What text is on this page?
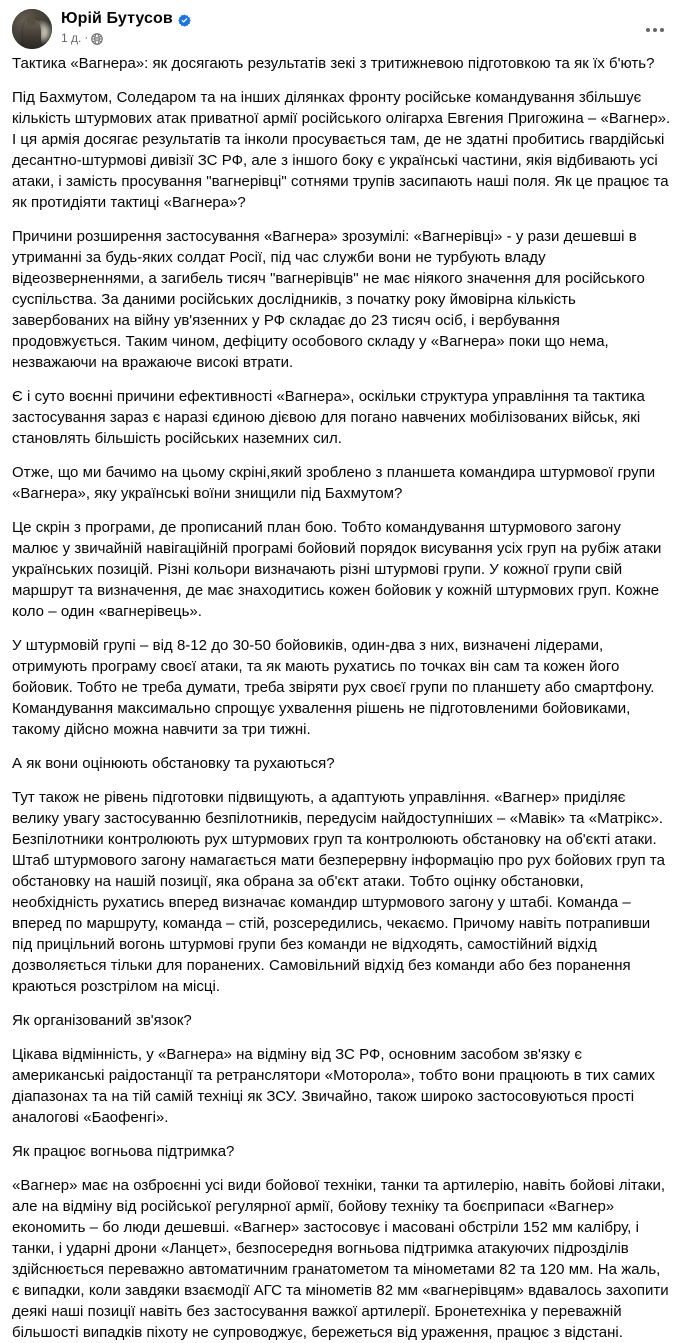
Юрій Бутусов
1 д. ·

Тактика «Вагнера»: як досягають результатів зекі з тритижневою підготовкою та як їх б'ють?

Під Бахмутом, Соледаром та на інших ділянках фронту російське командування збільшує кількість штурмових атак приватної армії російського олігарха Евгения Пригожина – «Вагнер». І ця армія досягає результатів та інколи просувається там, де не здатні пробитись гвардійські десантно-штурмові дивізії ЗС РФ, але з іншого боку є українські частини, якія відбивають усі атаки, і замість просування "вагнерівці" сотнями трупів засипають наші поля. Як це працює та як протидіяти тактиці «Вагнера»?

Причини розширення застосування «Вагнера» зрозумілі: «Вагнерівці» - у рази дешевші в утриманні за будь-яких солдат Росії, під час служби вони не турбують владу відеозверненнями, а загибель тисяч "вагнерівців" не має ніякого значення для російського суспільства. За даними російських дослідників, з початку року ймовірна кількість завербованих на війну ув'язенних у РФ складає до 23 тисяч осіб, і вербування продовжується. Таким чином, дефіциту особового складу у «Вагнера» поки що нема, незважаючи на вражаюче високі втрати.

Є і суто воєнні причини ефективності «Вагнера», оскільки структура управління та тактика застосування зараз є наразі єдиною дієвою для погано навчених мобілізованих військ, які становлять більшість російських наземних сил.

Отже, що ми бачимо на цьому скріні,який зроблено з планшета командира штурмової групи «Вагнера», яку українські воїни знищили під Бахмутом?

Це скрін з програми, де прописаний план бою. Тобто командування штурмового загону малює у звичайній навігаційній програмі бойовий порядок висування усіх груп на рубіж атаки українських позицій. Різні кольори визначають різні штурмові групи. У кожної групи свій маршрут та визначення, де має знаходитись кожен бойовик у кожній штурмових груп. Кожне коло – один «вагнерівець».

У штурмовій групі – від 8-12 до 30-50 бойовиків, один-два з них, визначені лідерами, отримують програму своєї атаки, та як мають рухатись по точках він сам та кожен його бойовик. Тобто не треба думати, треба звіряти рух своєї групи по планшету або смартфону. Командування максимально спрощує ухвалення рішень не підготовленими бойовиками, такому дійсно можна навчити за три тижні.

А як вони оцінюють обстановку та рухаються?

Тут також не рівень підготовки підвищують, а адаптують управління. «Вагнер» приділяє велику увагу застосуванню безпілотників, передусім найдоступніших – «Мавік» та «Матрікс». Безпілотники контролюють рух штурмових груп та контролюють обстановку на об'єкті атаки. Штаб штурмового загону намагається мати безперервну інформацію про рух бойових груп та обстановку на нашій позиції, яка обрана за об'єкт атаки. Тобто оцінку обстановки, необхідність рухатись вперед визначає командир штурмового загону у штабі. Команда – вперед по маршруту, команда – стій, розсередились, чекаємо. Причому навіть потрапивши під прицільний вогонь штурмові групи без команди не відходять, самостійний відхід дозволяється тільки для поранених. Самовільний відхід без команди або без поранення краються розстрілом на місці.

Як організований зв'язок?

Цікава відмінність, у «Вагнера» на відміну від ЗС РФ, основним засобом зв'язку є американські раідостанції та ретранслятори «Моторола», тобто вони працюють в тих самих діапазонах та на тій самій техніці як ЗСУ. Звичайно, також широко застосовуються прості аналогові «Баофенгі».

Як працює вогньова підтримка?

«Вагнер» має на озброєнні усі види бойової техніки, танки та артилерію, навіть бойові літаки, але на відміну від російської регулярної армії, бойову техніку та боєприпаси «Вагнер» економить – бо люди дешевші. «Вагнер» застосовує і масовані обстріли 152 мм калібру, і танки, і ударні дрони «Ланцет», безпосередня вогньова підтримка атакуючих підрозділів здійснюється переважно автоматичним гранатометом та мінометами 82 та 120 мм. На жаль, є випадки, коли завдяки взаємодії АГС та мінометів 82 мм «вагнерівцям» вдавалось захопити деякі наші позиції навіть без застосування важкої артилерії. Бронетехніка у переважній більшості випадків піхоту не супроводжує, бережеться від ураження, працює з відстані.
